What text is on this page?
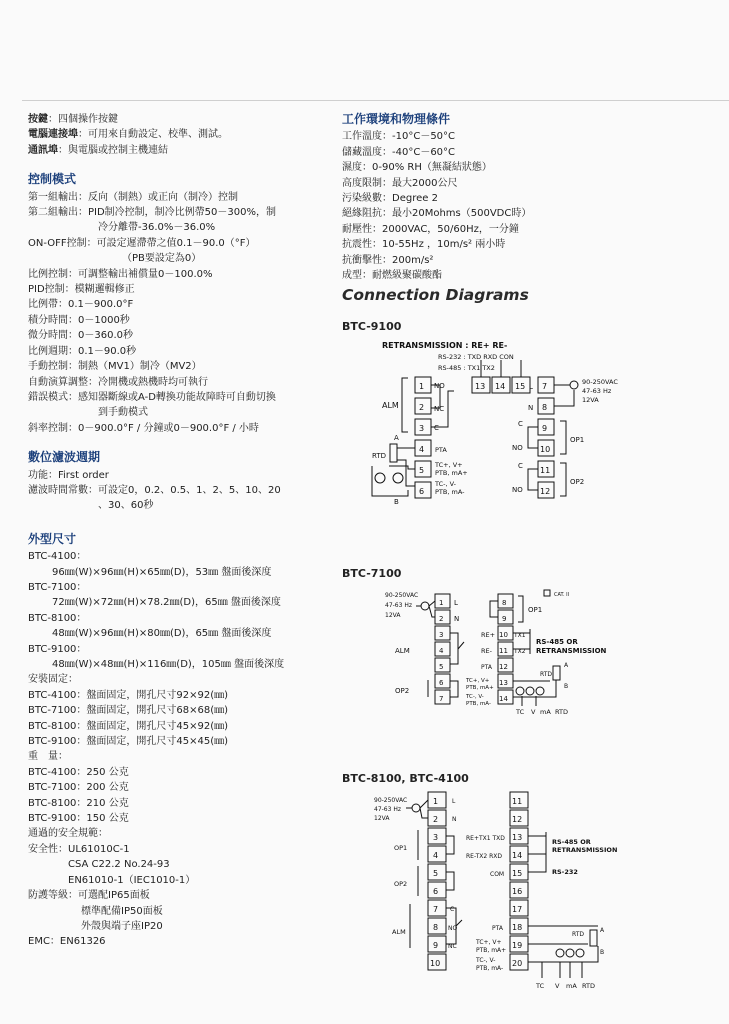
按鍵：四個操作按鍵
電腦連接埠：可用來自動設定、校準、測試。
通訊埠：與電腦或控制主機連結
控制模式
第一組輸出：反向（制熱）或正向（制冷）控制
第二組輸出：PID制冷控制，制冷比例帶50－300%，制
冷分離帶-36.0%－36.0%
ON-OFF控制：可設定遲滯帶之值0.1－90.0（°F）
（PB要設定為0）
比例控制：可調整輸出補償量0－100.0%
PID控制：模糊邏輯修正
比例帶：0.1－900.0°F
積分時間：0－1000秒
微分時間：0－360.0秒
比例週期：0.1－90.0秒
手動控制：制熱（MV1）制冷（MV2）
自動演算調整：冷開機或熱機時均可執行
錯誤模式：感知器斷線或A-D轉換功能故障時可自動切換
到手動模式
斜率控制：0－900.0°F / 分鐘或0－900.0°F / 小時
數位濾波週期
功能：First order
濾波時間常數：可設定0，0.2、0.5、1、2、5、10、20
、30、60秒
外型尺寸
BTC-4100：
96㎜(W)×96㎜(H)×65㎜(D)，53㎜ 盤面後深度
BTC-7100：
72㎜(W)×72㎜(H)×78.2㎜(D)，65㎜ 盤面後深度
BTC-8100：
48㎜(W)×96㎜(H)×80㎜(D)，65㎜ 盤面後深度
BTC-9100：
48㎜(W)×48㎜(H)×116㎜(D)，105㎜ 盤面後深度
安裝固定：
BTC-4100：盤面固定，開孔尺寸92×92(㎜)
BTC-7100：盤面固定，開孔尺寸68×68(㎜)
BTC-8100：盤面固定，開孔尺寸45×92(㎜)
BTC-9100：盤面固定，開孔尺寸45×45(㎜)
重　量：
BTC-4100：250 公克
BTC-7100：200 公克
BTC-8100：210 公克
BTC-9100：150 公克
通過的安全規範：
安全性：UL61010C-1
CSA C22.2 No.24-93
EN61010-1（IEC1010-1）
防護等級：可選配IP65面板
標準配備IP50面板
外殼與端子座IP20
EMC：EN61326
工作環境和物理條件
工作溫度：-10°C－50°C
儲藏溫度：-40°C－60°C
濕度：0-90% RH（無凝結狀態）
高度限制：最大2000公尺
污染級數：Degree 2
絕緣阻抗：最小20Mohms（500VDC時）
耐壓性：2000VAC，50/60Hz，一分鐘
抗震性：10-55Hz ，10m/s² 兩小時
抗衝擊性：200m/s²
成型：耐燃級聚碳酸酯
Connection Diagrams
BTC-9100
RETRANSMISSION : RE+ RE-
RS-232 : TXD RXD CON
RS-485 : TX1 TX2
1
2
3
4
5
6
13 14 15 7
8
9
10
11
12
ALM
NO
NC
C
PTA
TC+, V+
PTB, mA+
TC-, V-
PTB, mA-
RTD
A
B
90-250VAC
47-63 Hz
12VA
L
N
OP1
OP2
C
NO
C
NO
BTC-7100
90-250VAC
47-63 Hz
12VA
1
2
3
4
5
6
7
8
9
10
11
12
13
14
L
N
ALM
OP2
OP1
CAT. II
RE+
RE-
TX1
TX2
RS-485 OR
RETRANSMISSION
PTA
TC+, V+
PTB, mA+
TC-, V-
PTB, mA-
RTD
A
B
TC V mA RTD
BTC-8100, BTC-4100
90-250VAC
47-63 Hz
12VA
1
2
3
4
5
6
7
8
9
10
11
12
13
14
15
16
17
18
19
20
L
N
OP1
OP2
ALM
C
NO
NC
RE+TX1 TXD
RE-TX2 RXD
COM
RS-485 OR
RETRANSMISSION
RS-232
PTA
TC+, V+
PTB, mA+
TC-, V-
PTB, mA-
RTD
A
B
TC V mA RTD
